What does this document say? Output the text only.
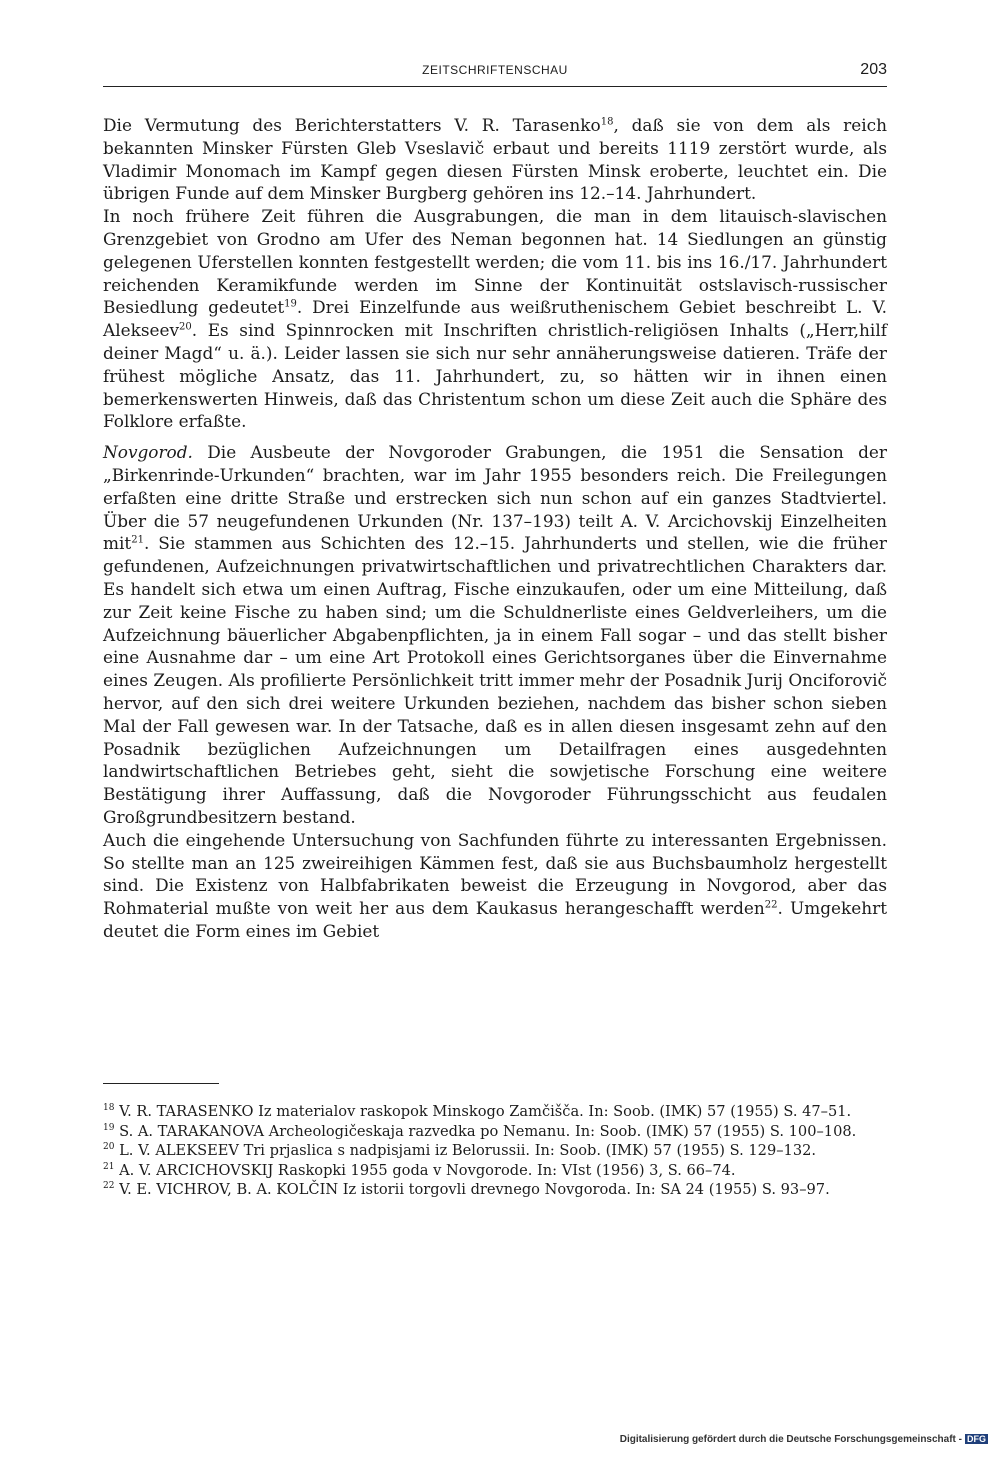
ZEITSCHRIFTENSCHAU	203

Die Vermutung des Berichterstatters V. R. Tarasenko$^{18}$, daß sie von dem als reich bekannten Minsker Fürsten Gleb Vseslavič erbaut und bereits 1119 zerstört wurde, als Vladimir Monomach im Kampf gegen diesen Fürsten Minsk eroberte, leuchtet ein. Die übrigen Funde auf dem Minsker Burgberg gehören ins 12.–14. Jahrhundert.

In noch frühere Zeit führen die Ausgrabungen, die man in dem litauisch-slavischen Grenzgebiet von Grodno am Ufer des Neman begonnen hat. 14 Siedlungen an günstig gelegenen Uferstellen konnten festgestellt werden; die vom 11. bis ins 16./17. Jahrhundert reichenden Keramikfunde werden im Sinne der Kontinuität ostslavisch-russischer Besiedlung gedeutet$^{19}$. Drei Einzelfunde aus weißruthenischem Gebiet beschreibt L. V. Alekseev$^{20}$. Es sind Spinnrocken mit Inschriften christlich-religiösen Inhalts („Herr,hilf deiner Magd“ u. ä.). Leider lassen sie sich nur sehr annäherungsweise datieren. Träfe der frühest mögliche Ansatz, das 11. Jahrhundert, zu, so hätten wir in ihnen einen bemerkenswerten Hinweis, daß das Christentum schon um diese Zeit auch die Sphäre des Folklore erfaßte.

Novgorod. Die Ausbeute der Novgoroder Grabungen, die 1951 die Sensation der „Birkenrinde-Urkunden“ brachten, war im Jahr 1955 besonders reich. Die Freilegungen erfaßten eine dritte Straße und erstrecken sich nun schon auf ein ganzes Stadtviertel. Über die 57 neugefundenen Urkunden (Nr. 137–193) teilt A. V. Arcichovskij Einzelheiten mit$^{21}$. Sie stammen aus Schichten des 12.–15. Jahrhunderts und stellen, wie die früher gefundenen, Aufzeichnungen privatwirtschaftlichen und privatrechtlichen Charakters dar. Es handelt sich etwa um einen Auftrag, Fische einzukaufen, oder um eine Mitteilung, daß zur Zeit keine Fische zu haben sind; um die Schuldnerliste eines Geldverleihers, um die Aufzeichnung bäuerlicher Abgabenpflichten, ja in einem Fall sogar – und das stellt bisher eine Ausnahme dar – um eine Art Protokoll eines Gerichtsorganes über die Einvernahme eines Zeugen. Als profilierte Persönlichkeit tritt immer mehr der Posadnik Jurij Onciforovič hervor, auf den sich drei weitere Urkunden beziehen, nachdem das bisher schon sieben Mal der Fall gewesen war. In der Tatsache, daß es in allen diesen insgesamt zehn auf den Posadnik bezüglichen Aufzeichnungen um Detailfragen eines ausgedehnten landwirtschaftlichen Betriebes geht, sieht die sowjetische Forschung eine weitere Bestätigung ihrer Auffassung, daß die Novgoroder Führungsschicht aus feudalen Großgrundbesitzern bestand.

Auch die eingehende Untersuchung von Sachfunden führte zu interessanten Ergebnissen. So stellte man an 125 zweireihigen Kämmen fest, daß sie aus Buchsbaumholz hergestellt sind. Die Existenz von Halbfabrikaten beweist die Erzeugung in Novgorod, aber das Rohmaterial mußte von weit her aus dem Kaukasus herangeschafft werden$^{22}$. Umgekehrt deutet die Form eines im Gebiet

$^{18}$ V. R. TARASENKO Iz materialov raskopok Minskogo Zamčišča. In: Soob. (IMK) 57 (1955) S. 47–51.

$^{19}$ S. A. TARAKANOVA Archeologičeskaja razvedka po Nemanu. In: Soob. (IMK) 57 (1955) S. 100–108.

$^{20}$ L. V. ALEKSEEV Tri prjaslica s nadpisjami iz Belorussii. In: Soob. (IMK) 57 (1955) S. 129–132.

$^{21}$ A. V. ARCICHOVSKIJ Raskopki 1955 goda v Novgorode. In: VIst (1956) 3, S. 66–74.

$^{22}$ V. E. VICHROV, B. A. KOLČIN Iz istorii torgovli drevnego Novgoroda. In: SA 24 (1955) S. 93–97.

Digitalisierung gefördert durch die Deutsche Forschungsgemeinschaft - DFG
